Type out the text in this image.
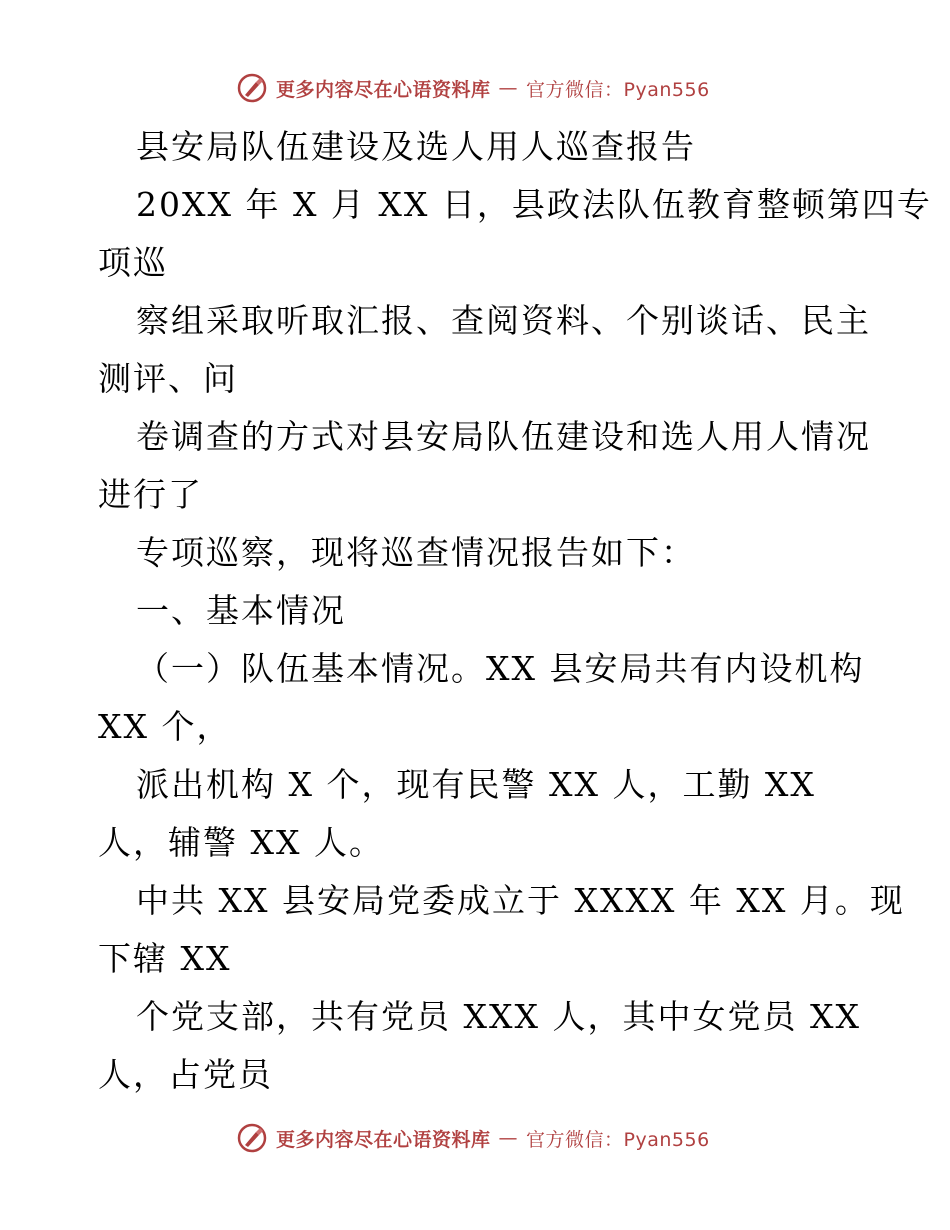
更多内容尽在心语资料库 — 官方微信：Pyan556
县安局队伍建设及选人用人巡查报告
20XX 年 X 月 XX 日，县政法队伍教育整顿第四专
项巡
察组采取听取汇报、查阅资料、个别谈话、民主
测评、问
卷调查的方式对县安局队伍建设和选人用人情况
进行了
专项巡察，现将巡查情况报告如下：
一、基本情况
（一）队伍基本情况。XX 县安局共有内设机构
XX 个，
派出机构 X 个，现有民警 XX 人，工勤 XX
人，辅警 XX 人。
中共 XX 县安局党委成立于 XXXX 年 XX 月。现
下辖 XX
个党支部，共有党员 XXX 人，其中女党员 XX
人，占党员
更多内容尽在心语资料库 — 官方微信：Pyan556
